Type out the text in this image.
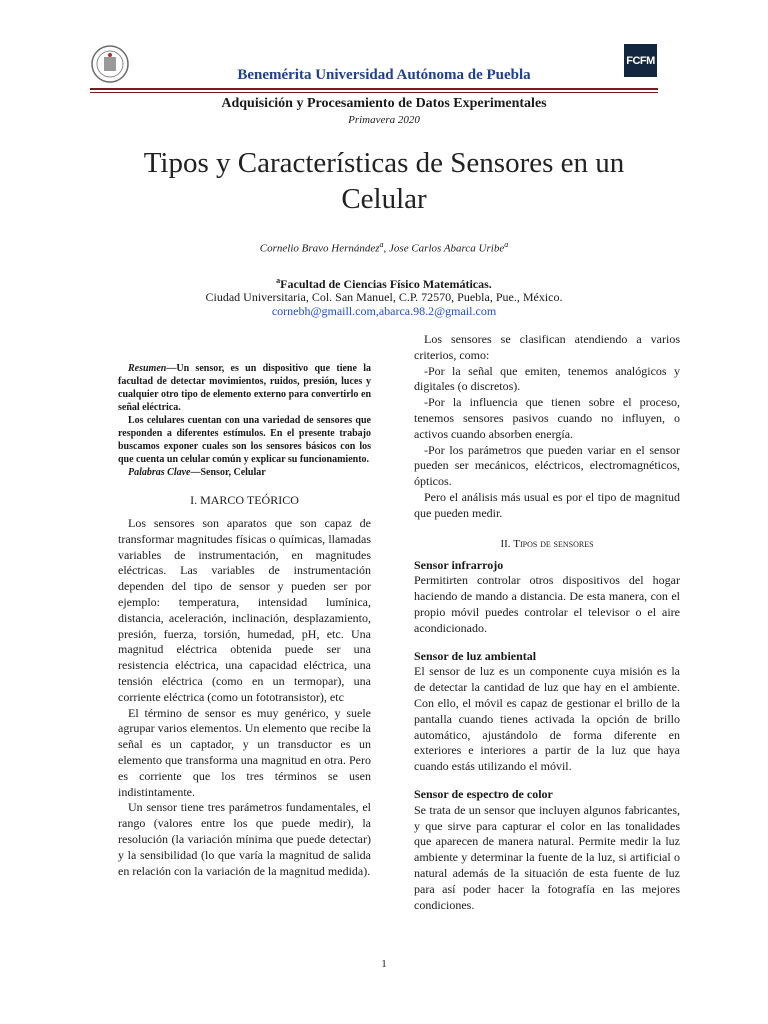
FCFM
Benemérita Universidad Autónoma de Puebla
Adquisición y Procesamiento de Datos Experimentales
Primavera 2020
Tipos y Características de Sensores en un Celular
Cornelio Bravo Hernández$^a$, Jose Carlos Abarca Uribe$^a$
$^a$Facultad de Ciencias Físico Matemáticas.
Ciudad Universitaria, Col. San Manuel, C.P. 72570, Puebla, Pue., México.
cornebh@gmaill.com,abarca.98.2@gmail.com

Resumen—Un sensor, es un dispositivo que tiene la facultad de detectar movimientos, ruidos, presión, luces y cualquier otro tipo de elemento externo para convertirlo en señal eléctrica.

Los celulares cuentan con una variedad de sensores que responden a diferentes estímulos. En el presente trabajo buscamos exponer cuales son los sensores básicos con los que cuenta un celular común y explicar su funcionamiento.

Palabras Clave—Sensor, Celular

I. MARCO TEÓRICO

Los sensores son aparatos que son capaz de transformar magnitudes físicas o químicas, llamadas variables de instrumentación, en magnitudes eléctricas. Las variables de instrumentación dependen del tipo de sensor y pueden ser por ejemplo: temperatura, intensidad lumínica, distancia, aceleración, inclinación, desplazamiento, presión, fuerza, torsión, humedad, pH, etc. Una magnitud eléctrica obtenida puede ser una resistencia eléctrica, una capacidad eléctrica, una tensión eléctrica (como en un termopar), una corriente eléctrica (como un fototransistor), etc

El término de sensor es muy genérico, y suele agrupar varios elementos. Un elemento que recibe la señal es un captador, y un transductor es un elemento que transforma una magnitud en otra. Pero es corriente que los tres términos se usen indistintamente.

Un sensor tiene tres parámetros fundamentales, el rango (valores entre los que puede medir), la resolución (la variación mínima que puede detectar) y la sensibilidad (lo que varía la magnitud de salida en relación con la variación de la magnitud medida).

Los sensores se clasifican atendiendo a varios criterios, como:

-Por la señal que emiten, tenemos analógicos y digitales (o discretos).

-Por la influencia que tienen sobre el proceso, tenemos sensores pasivos cuando no influyen, o activos cuando absorben energía.

-Por los parámetros que pueden variar en el sensor pueden ser mecánicos, eléctricos, electromagnéticos, ópticos.

Pero el análisis más usual es por el tipo de magnitud que pueden medir.

II. Tipos de sensores

Sensor infrarrojo

Permitirten controlar otros dispositivos del hogar haciendo de mando a distancia. De esta manera, con el propio móvil puedes controlar el televisor o el aire acondicionado.

Sensor de luz ambiental

El sensor de luz es un componente cuya misión es la de detectar la cantidad de luz que hay en el ambiente. Con ello, el móvil es capaz de gestionar el brillo de la pantalla cuando tienes activada la opción de brillo automático, ajustándolo de forma diferente en exteriores e interiores a partir de la luz que haya cuando estás utilizando el móvil.

Sensor de espectro de color

Se trata de un sensor que incluyen algunos fabricantes, y que sirve para capturar el color en las tonalidades que aparecen de manera natural. Permite medir la luz ambiente y determinar la fuente de la luz, si artificial o natural además de la situación de esta fuente de luz para así poder hacer la fotografía en las mejores condiciones.

1
